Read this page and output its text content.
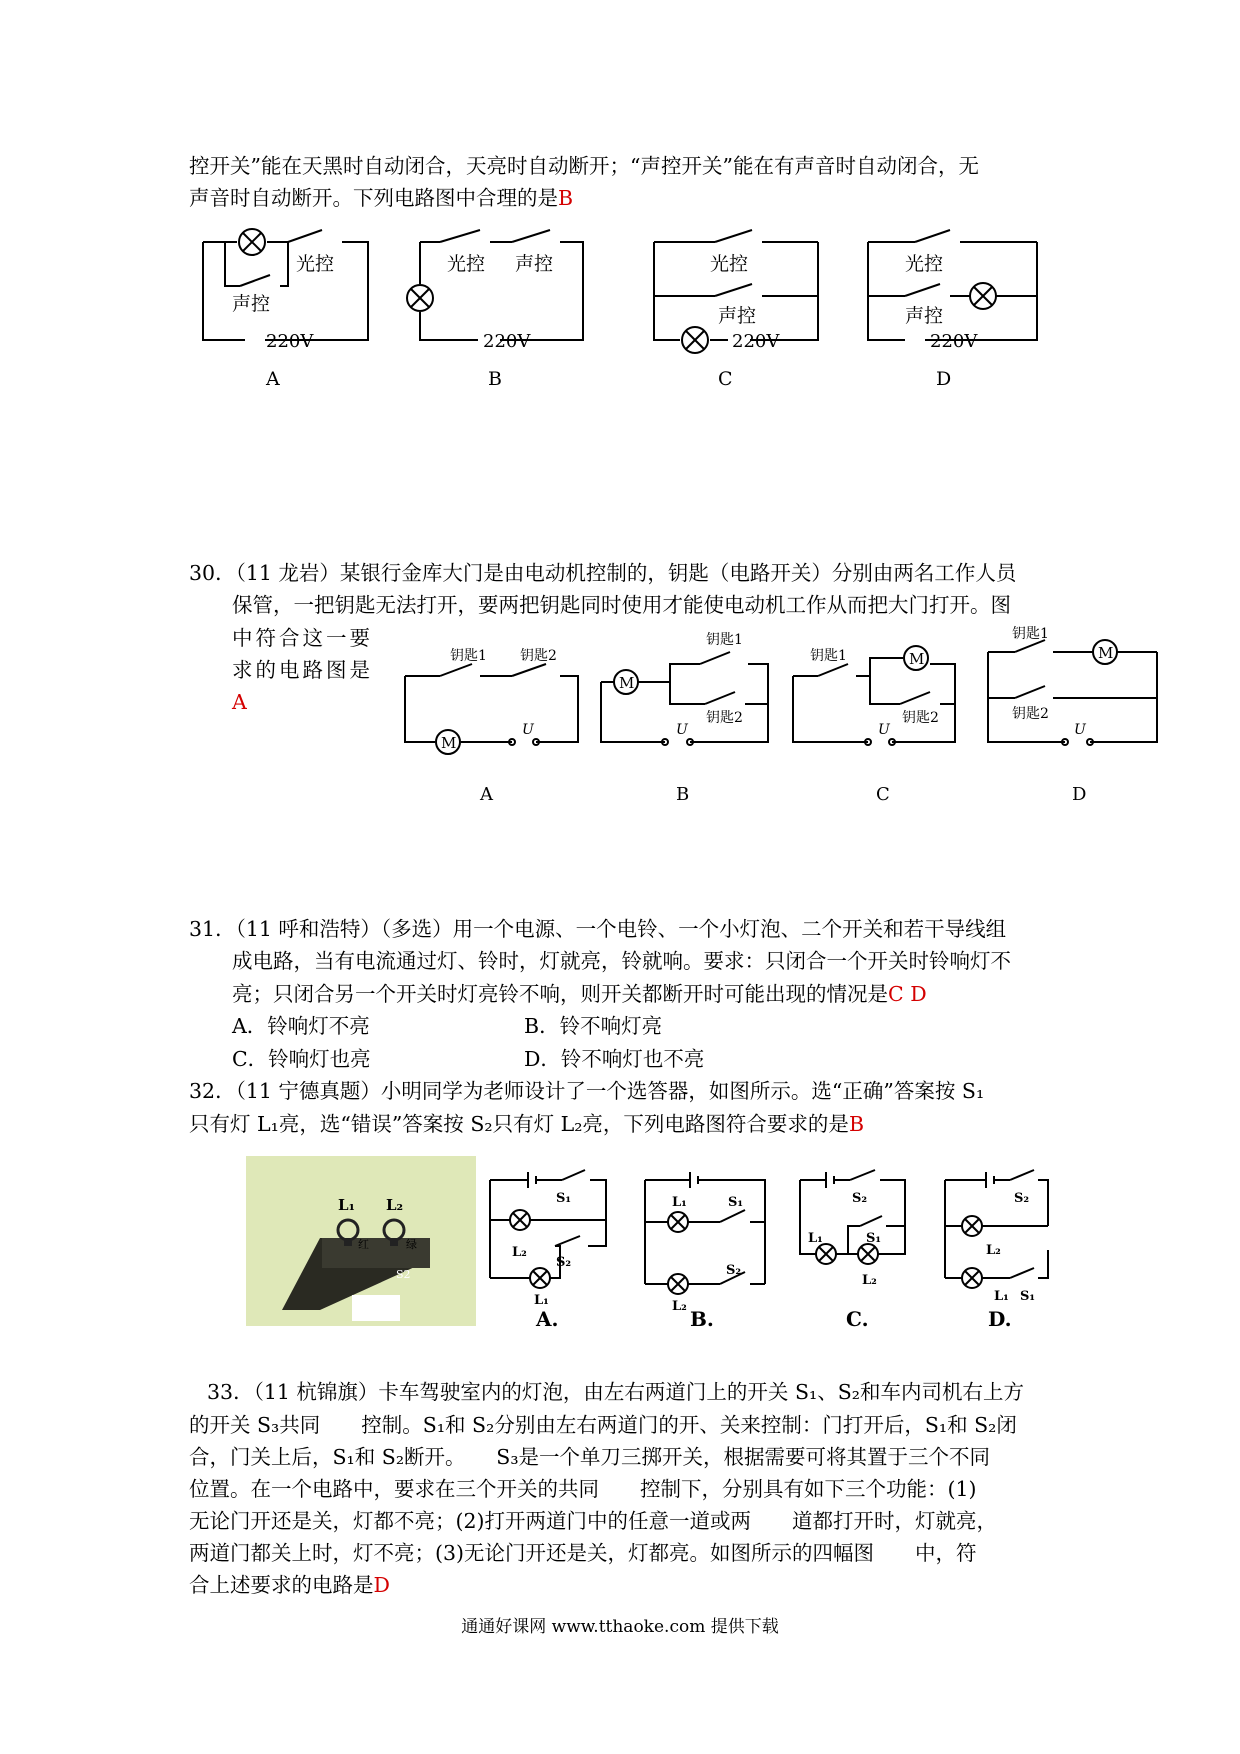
控开关”能在天黑时自动闭合，天亮时自动断开；“声控开关”能在有声音时自动闭合，无
声音时自动断开。下列电路图中合理的是B
光控
声控
220V
A
光控 声控
220V
B
光控
声控
220V
C
光控
声控
220V
D
30．（11 龙岩）某银行金库大门是由电动机控制的，钥匙（电路开关）分别由两名工作人员
保管，一把钥匙无法打开，要两把钥匙同时使用才能使电动机工作从而把大门打开。图
中符合这一要
求的电路图是
A
M
钥匙1 钥匙2
U
A
M
钥匙1
钥匙2
U
B
M
钥匙1
钥匙2
U
C
M
钥匙1
钥匙2
U
D
31．（11 呼和浩特）（多选）用一个电源、一个电铃、一个小灯泡、二个开关和若干导线组
成电路，当有电流通过灯、铃时，灯就亮，铃就响。要求：只闭合一个开关时铃响灯不
亮；只闭合另一个开关时灯亮铃不响，则开关都断开时可能出现的情况是C D
A．铃响灯不亮	B．铃不响灯亮
C．铃响灯也亮	D．铃不响灯也不亮
32．（11 宁德真题）小明同学为老师设计了一个选答器，如图所示。选“正确”答案按 S₁
只有灯 L₁亮，选“错误”答案按 S₂只有灯 L₂亮，下列电路图符合要求的是B
L₁ L₂
红	绿
S2
S₁
S₂
L₂
L₁
A.
L₁	S₁
L₂
S₂
B.
S₂
S₁
L₁
L₂
C.
S₂
L₂
L₁ S₁
D.
33．（11 杭锦旗）卡车驾驶室内的灯泡，由左右两道门上的开关 S₁、S₂和车内司机右上方
的开关 S₃共同　　控制。S₁和 S₂分别由左右两道门的开、关来控制：门打开后，S₁和 S₂闭
合，门关上后，S₁和 S₂断开。　　S₃是一个单刀三掷开关，根据需要可将其置于三个不同
位置。在一个电路中，要求在三个开关的共同　　控制下，分别具有如下三个功能：(1)
无论门开还是关，灯都不亮；(2)打开两道门中的任意一道或两　　道都打开时，灯就亮，
两道门都关上时，灯不亮；(3)无论门开还是关，灯都亮。如图所示的四幅图　　中，符
合上述要求的电路是D
通通好课网 www.tthaoke.com 提供下载
